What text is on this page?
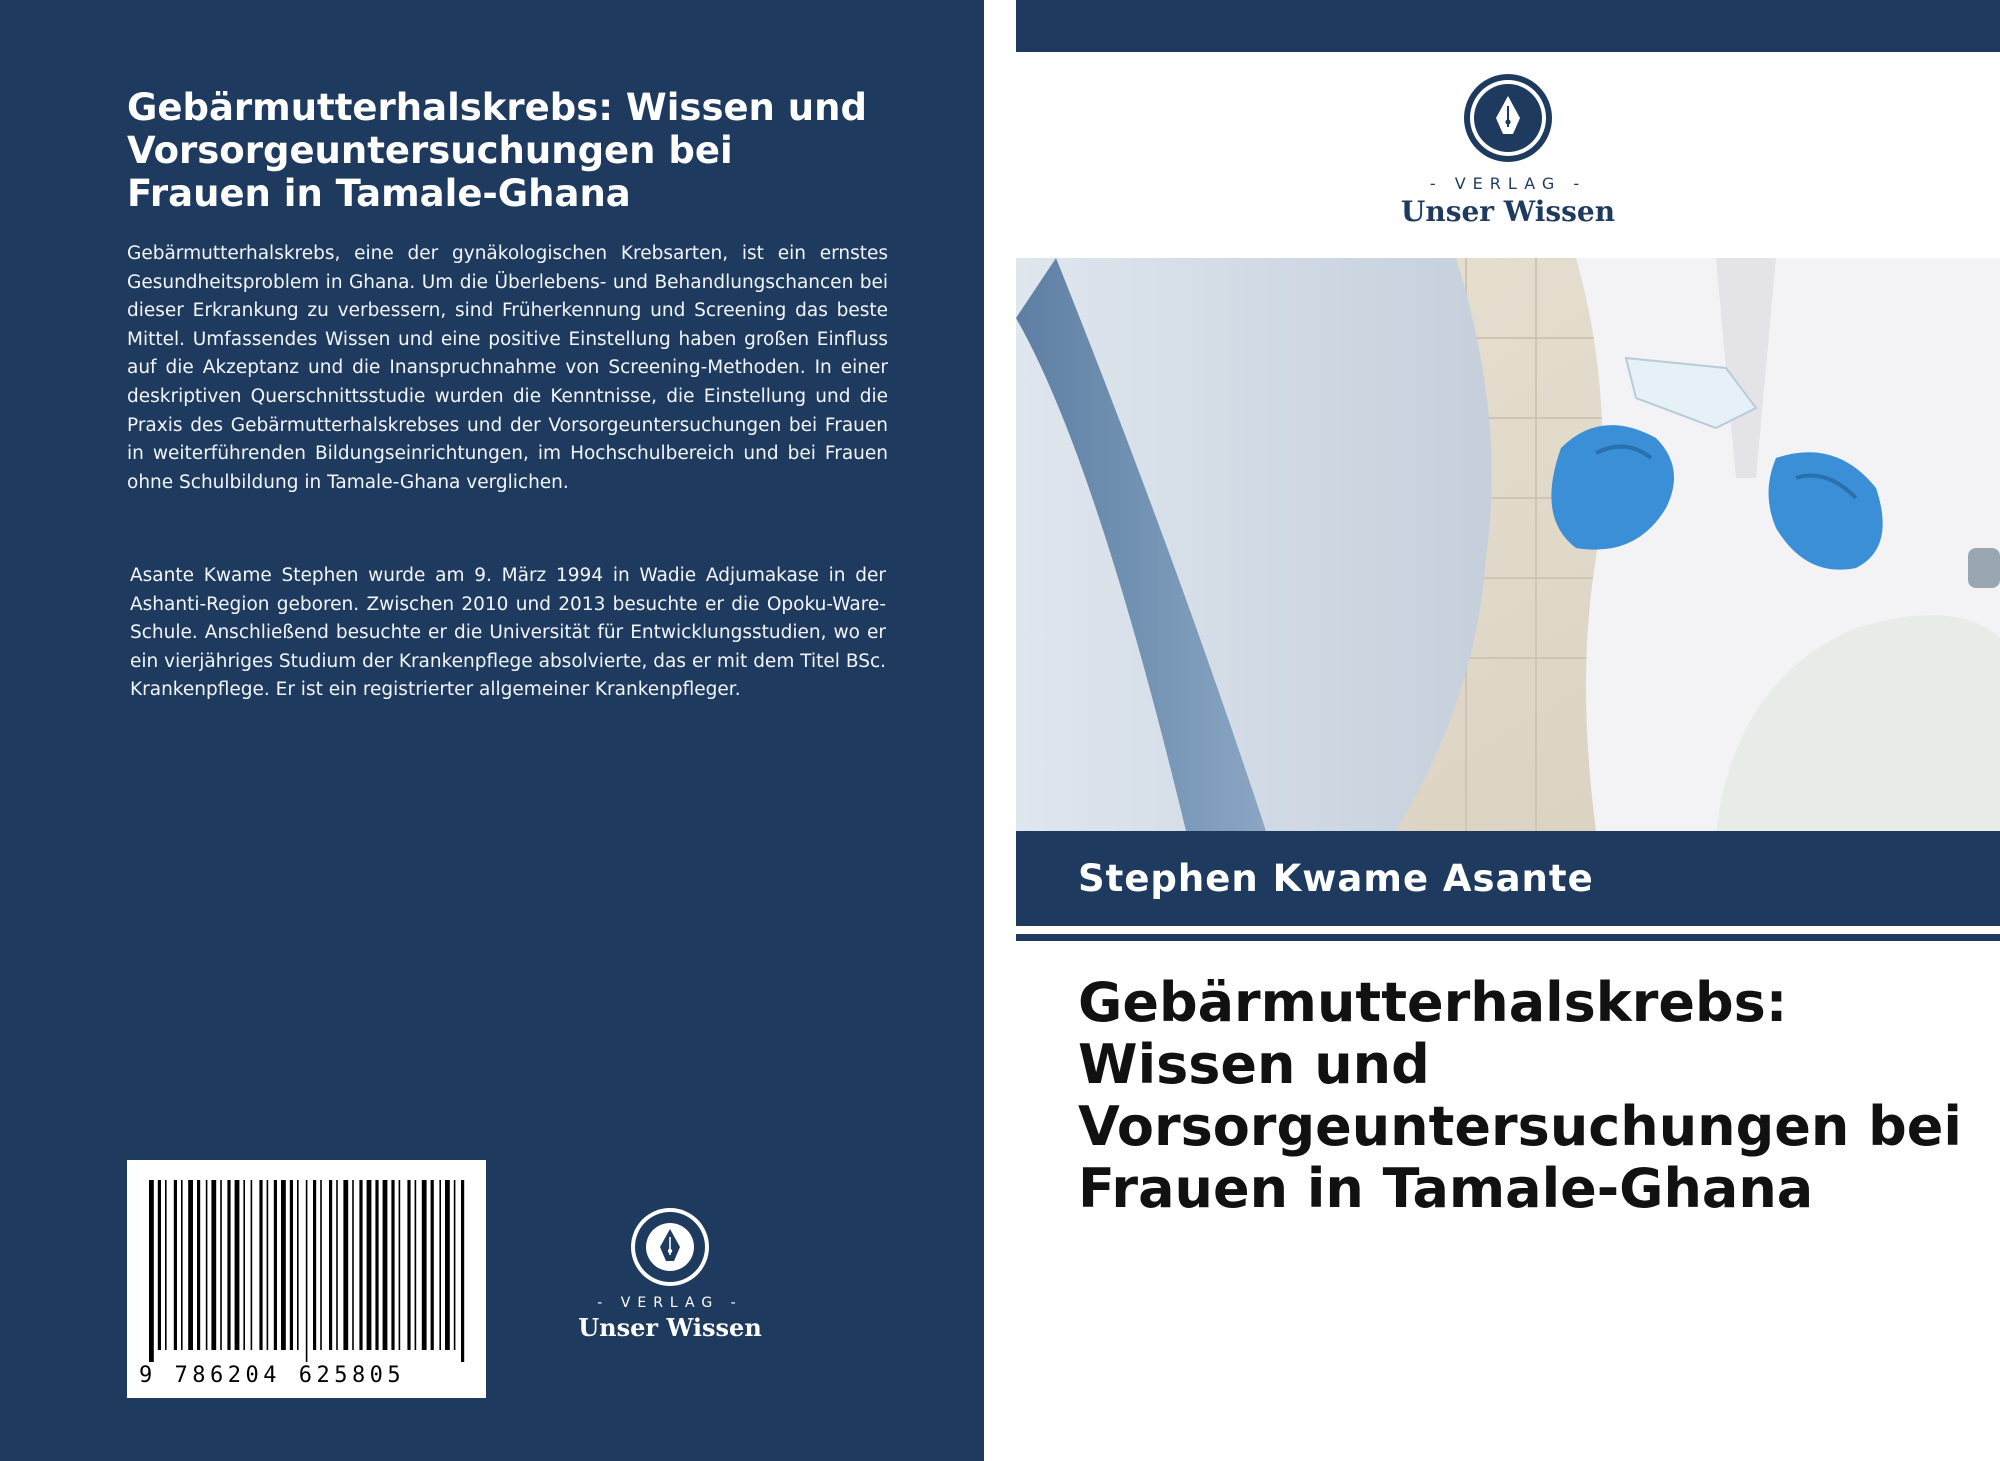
Gebärmutterhalskrebs: Wissen und Vorsorgeuntersuchungen bei Frauen in Tamale-Ghana

Gebärmutterhalskrebs, eine der gynäkologischen Krebsarten, ist ein ernstes Gesundheitsproblem in Ghana. Um die Überlebens- und Behandlungschancen bei dieser Erkrankung zu verbessern, sind Früherkennung und Screening das beste Mittel. Umfassendes Wissen und eine positive Einstellung haben großen Einfluss auf die Akzeptanz und die Inanspruchnahme von Screening-Methoden. In einer deskriptiven Querschnittsstudie wurden die Kenntnisse, die Einstellung und die Praxis des Gebärmutterhalskrebses und der Vorsorgeuntersuchungen bei Frauen in weiterführenden Bildungseinrichtungen, im Hochschulbereich und bei Frauen ohne Schulbildung in Tamale-Ghana verglichen.

Asante Kwame Stephen wurde am 9. März 1994 in Wadie Adjumakase in der Ashanti-Region geboren. Zwischen 2010 und 2013 besuchte er die Opoku-Ware-Schule. Anschließend besuchte er die Universität für Entwicklungsstudien, wo er ein vierjähriges Studium der Krankenpflege absolvierte, das er mit dem Titel BSc. Krankenpflege. Er ist ein registrierter allgemeiner Krankenpfleger.

9 786204 625805
- VERLAG -
Unser Wissen
- VERLAG -
Unser Wissen
Stephen Kwame Asante
Gebärmutterhalskrebs: Wissen und Vorsorgeuntersuchungen bei Frauen in Tamale-Ghana
